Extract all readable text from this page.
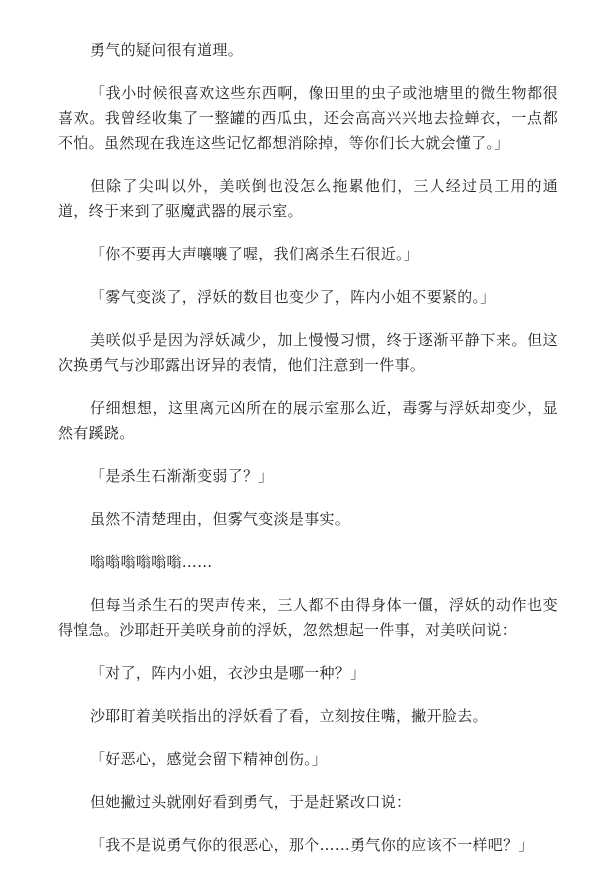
勇气的疑问很有道理。

「我小时候很喜欢这些东西啊，像田里的虫子或池塘里的微生物都很喜欢。我曾经收集了一整罐的西瓜虫，还会高高兴兴地去捡蝉衣，一点都不怕。虽然现在我连这些记忆都想消除掉，等你们长大就会懂了。」

但除了尖叫以外，美咲倒也没怎么拖累他们，三人经过员工用的通道，终于来到了驱魔武器的展示室。

「你不要再大声嚷嚷了喔，我们离杀生石很近。」

「雾气变淡了，浮妖的数目也变少了，阵内小姐不要紧的。」

美咲似乎是因为浮妖减少，加上慢慢习惯，终于逐渐平静下来。但这次换勇气与沙耶露出讶异的表情，他们注意到一件事。

仔细想想，这里离元凶所在的展示室那么近，毒雾与浮妖却变少，显然有蹊跷。

「是杀生石渐渐变弱了？」

虽然不清楚理由，但雾气变淡是事实。

嗡嗡嗡嗡嗡嗡……

但每当杀生石的哭声传来，三人都不由得身体一僵，浮妖的动作也变得惶急。沙耶赶开美咲身前的浮妖，忽然想起一件事，对美咲问说：

「对了，阵内小姐，衣沙虫是哪一种？」

沙耶盯着美咲指出的浮妖看了看，立刻按住嘴，撇开脸去。

「好恶心，感觉会留下精神创伤。」

但她撇过头就刚好看到勇气，于是赶紧改口说：

「我不是说勇气你的很恶心，那个……勇气你的应该不一样吧？」
